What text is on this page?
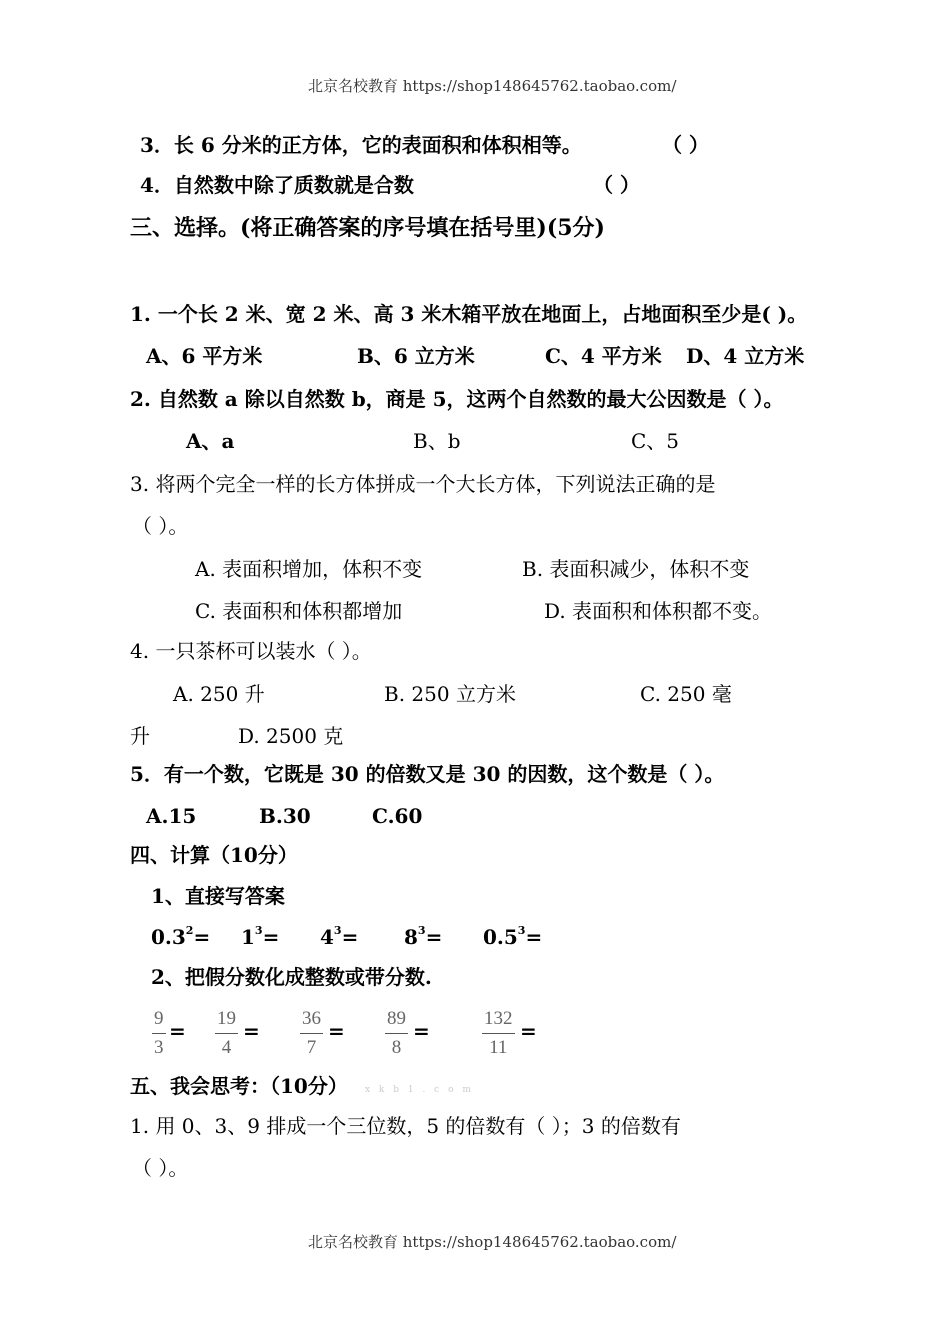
北京名校教育 https://shop148645762.taobao.com/
3．长 6 分米的正方体，它的表面积和体积相等。	（ ）
4．自然数中除了质数就是合数	（ ）
三、选择。(将正确答案的序号填在括号里)(5分)
1. 一个长 2 米、宽 2 米、高 3 米木箱平放在地面上，占地面积至少是( )。
A、6 平方米	B、6 立方米	C、4 平方米 D、4 立方米
2. 自然数 a 除以自然数 b，商是 5，这两个自然数的最大公因数是（ ）。
A、a	B、b	C、5
3. 将两个完全一样的长方体拼成一个大长方体，下列说法正确的是
（ ）。
A. 表面积增加，体积不变	B. 表面积减少，体积不变
C. 表面积和体积都增加	D. 表面积和体积都不变。
4. 一只茶杯可以装水（ ）。
A. 250 升	B. 250 立方米	C. 250 毫
升	D. 2500 克
5．有一个数，它既是 30 的倍数又是 30 的因数，这个数是（ ）。
A.15	B.30	C.60
四、计算（10分）
1、直接写答案
$0.3^2= 1^3= 4^3= 8^3= 0.5^3=$
2、把假分数化成整数或带分数.
$\frac{9}{3} = \frac{19}{4} = \frac{36}{7} = \frac{89}{8}$ =	$\frac{132}{11}$ =
五、我会思考：（10分） x k b 1 . c o m
1. 用 0、3、9 排成一个三位数，5 的倍数有（ ）；3 的倍数有
（ ）。
北京名校教育 https://shop148645762.taobao.com/
